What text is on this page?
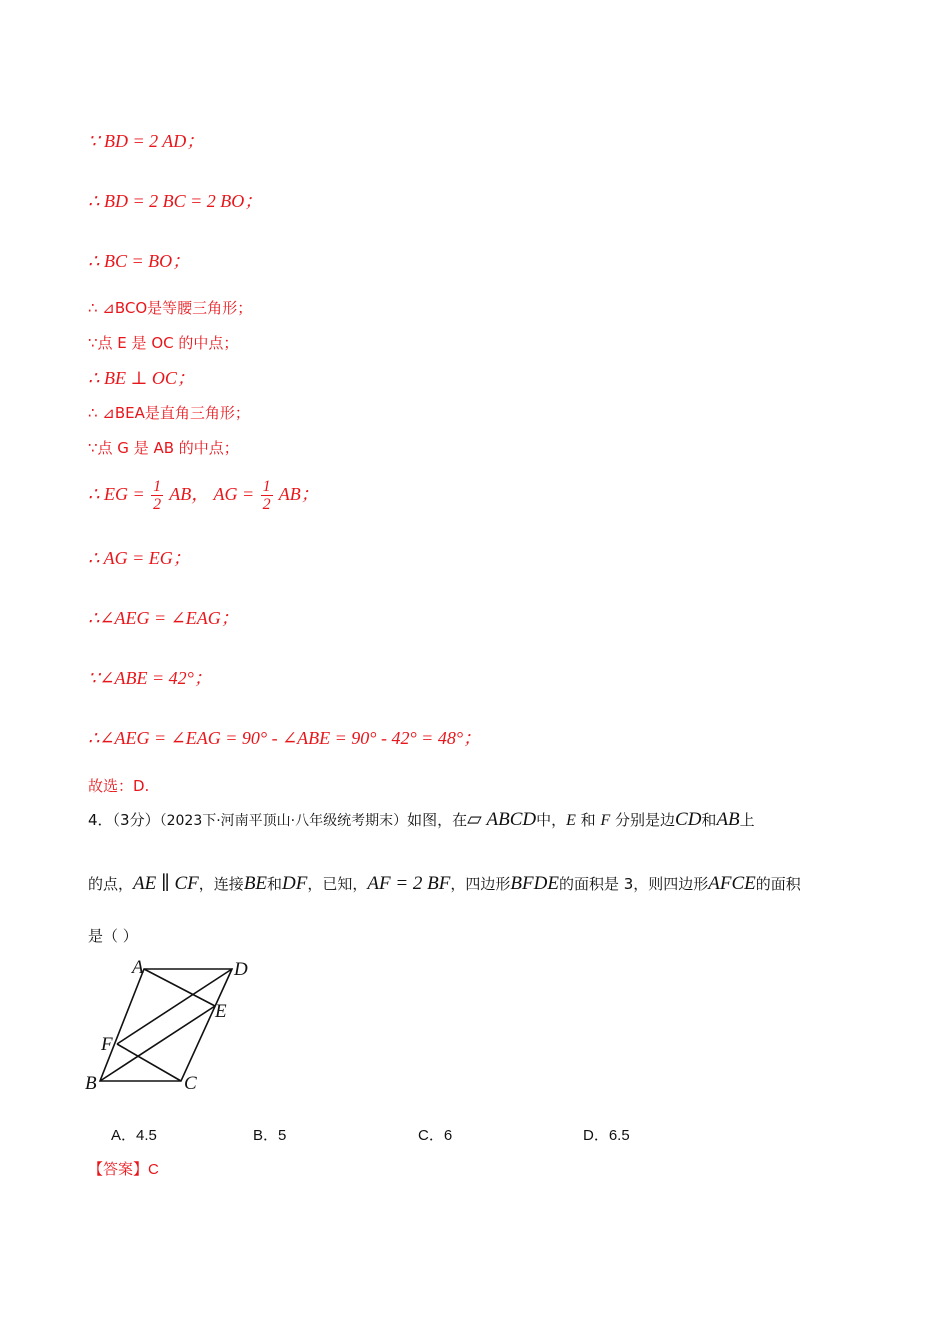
∵ BD = 2 AD；
∴ BD = 2 BC = 2 BO；
∴ BC = BO；
∴ ⊿BCO是等腰三角形；
∵点 E 是 OC 的中点；
∴ BE ⊥ OC；
∴ ⊿BEA是直角三角形；
∵点 G 是 AB 的中点；
∴ EG = $\frac{1}{2}$ AB， AG = $\frac{1}{2}$ AB；
∴ AG = EG；
∴∠AEG = ∠EAG；
∵∠ABE = 42°；
∴∠AEG = ∠EAG = 90° - ∠ABE = 90° - 42° = 48°；
故选：D.
4．（3分）（2023下·河南平顶山·八年级统考期末）如图，在▱ ABCD中，E 和 F 分别是边CD和AB上
的点，AE ∥ CF，连接BE和DF，已知，AF = 2 BF，四边形BFDE的面积是 3，则四边形AFCE的面积
是（ ）
A	D
E
F
B	C
A．4.5	B．5	C．6	D．6.5
【答案】C
